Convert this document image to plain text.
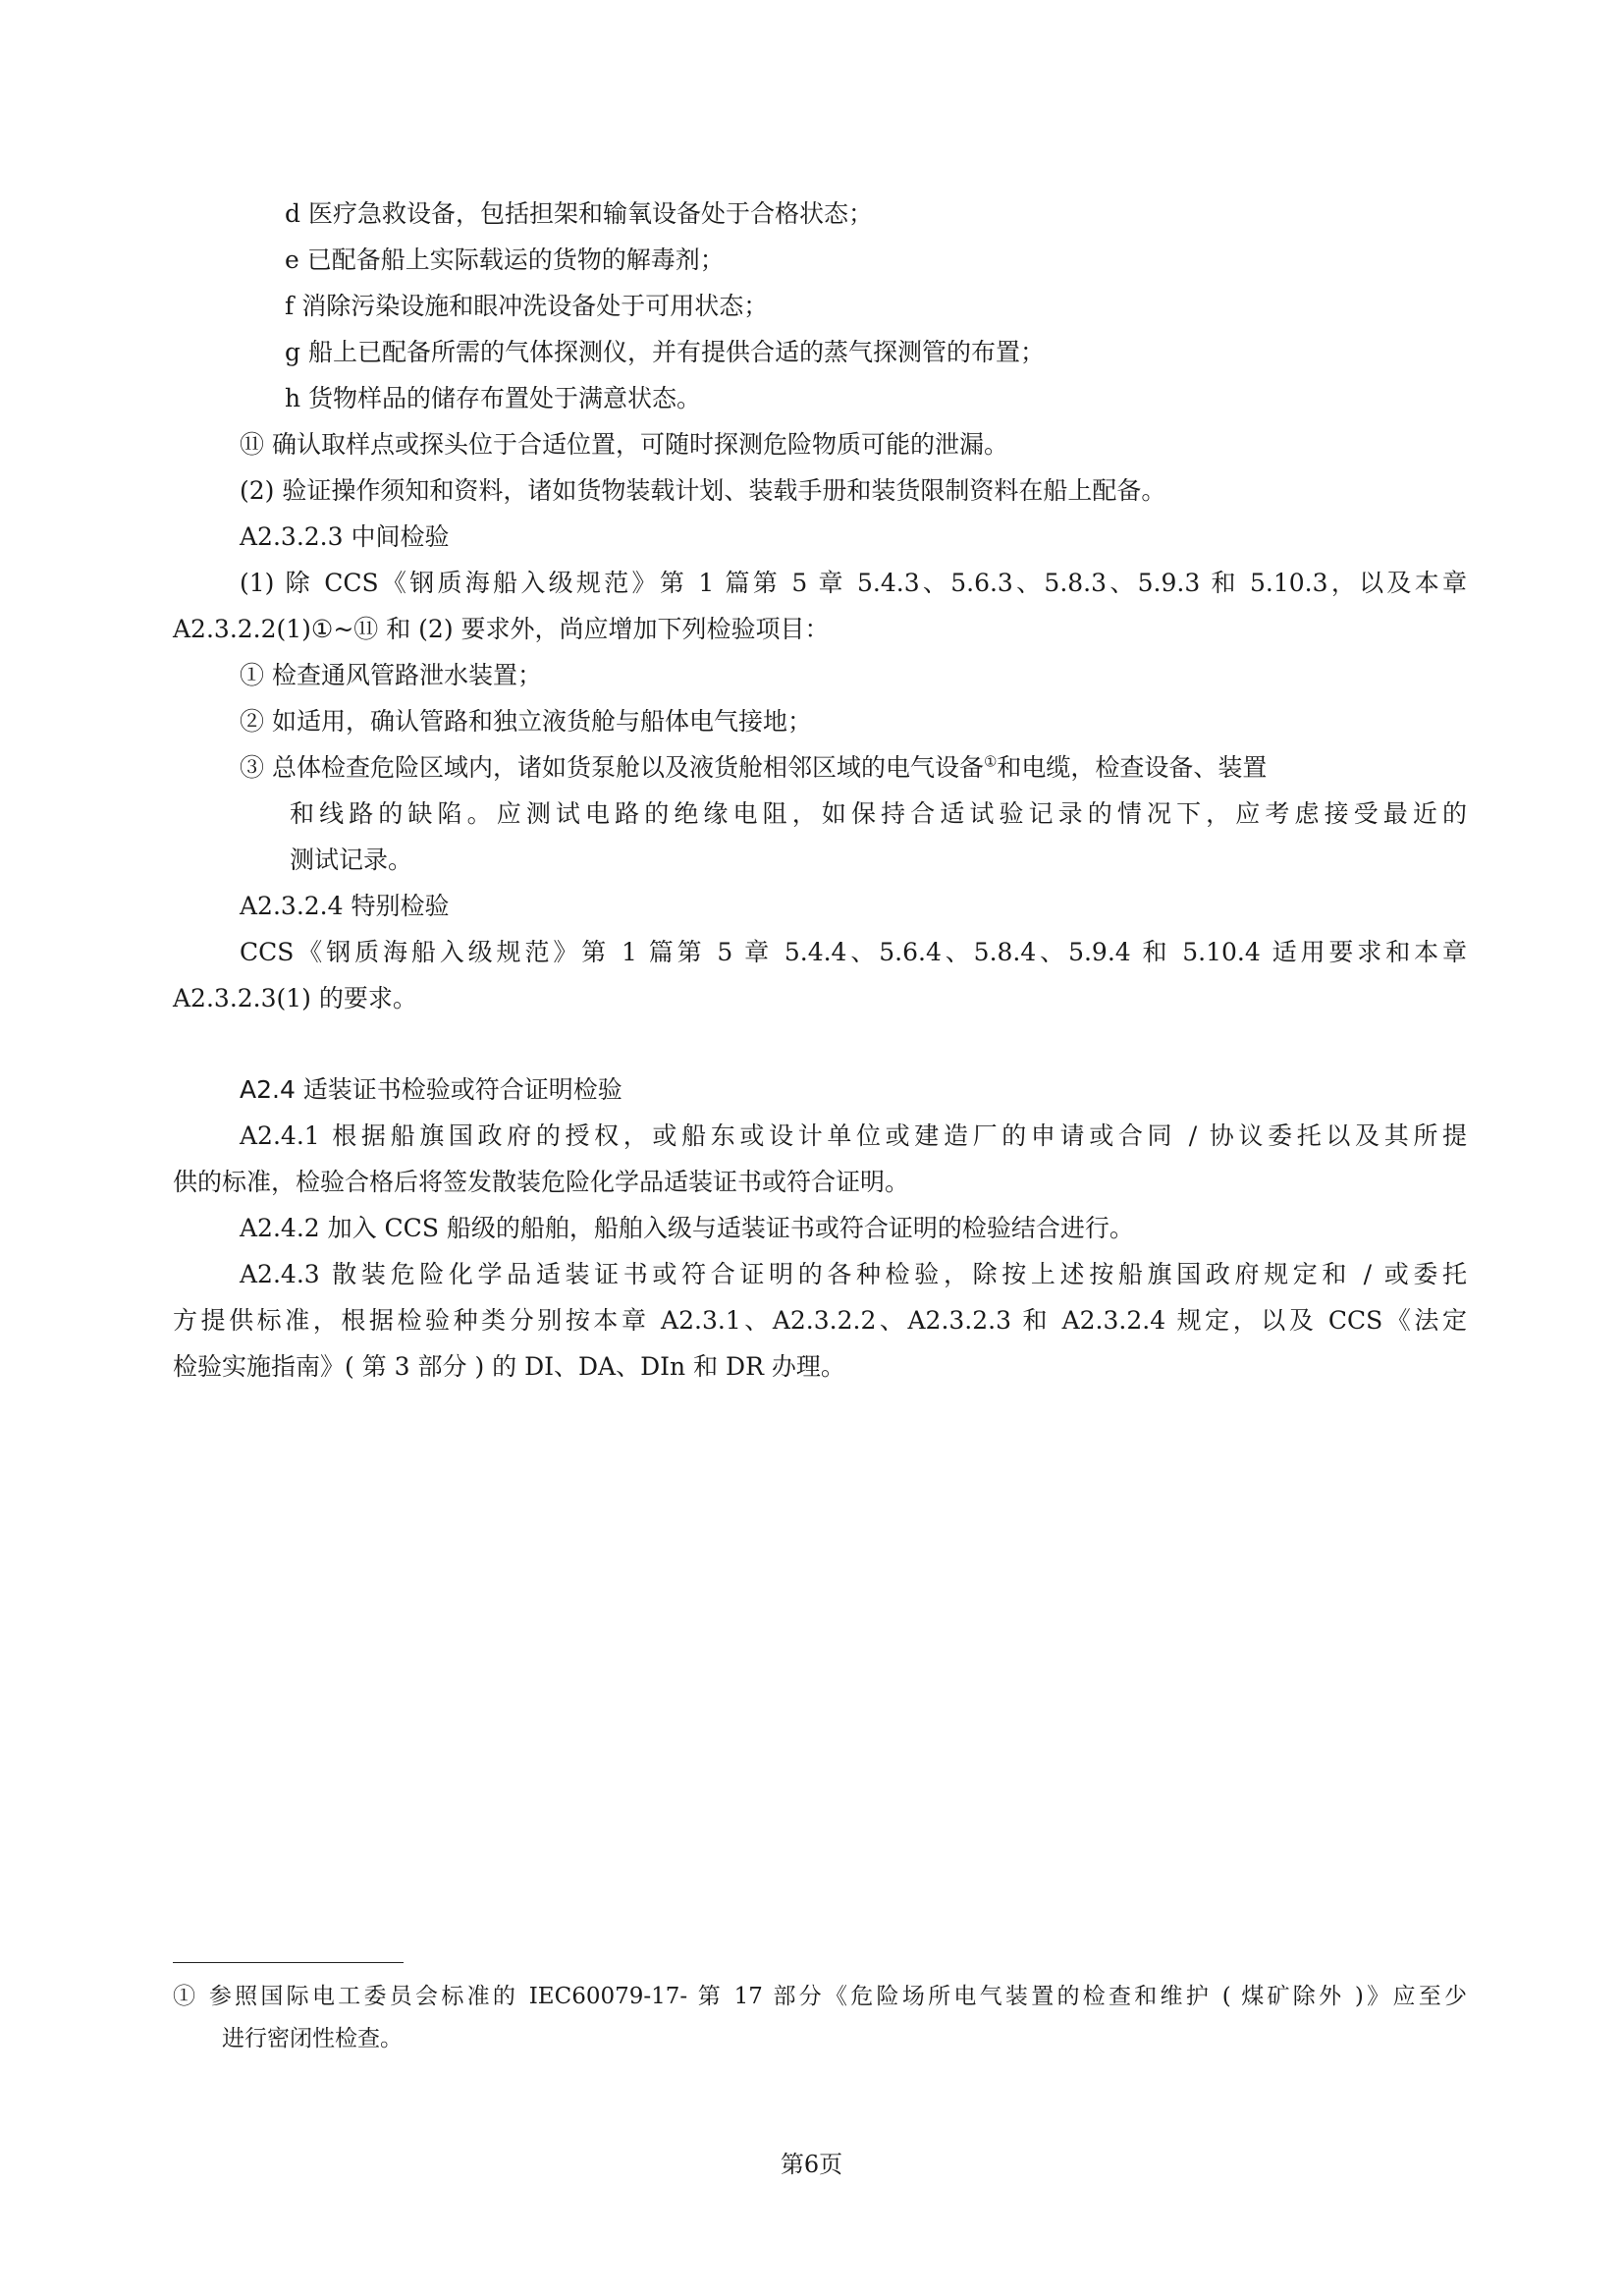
d 医疗急救设备，包括担架和输氧设备处于合格状态；
e 已配备船上实际载运的货物的解毒剂；
f 消除污染设施和眼冲洗设备处于可用状态；
g 船上已配备所需的气体探测仪，并有提供合适的蒸气探测管的布置；
h 货物样品的储存布置处于满意状态。
⑪ 确认取样点或探头位于合适位置，可随时探测危险物质可能的泄漏。
(2) 验证操作须知和资料，诸如货物装载计划、装载手册和装货限制资料在船上配备。
A2.3.2.3 中间检验
(1) 除 CCS《钢质海船入级规范》第 1 篇第 5 章 5.4.3、5.6.3、5.8.3、5.9.3 和 5.10.3，以及本章
A2.3.2.2(1)①~⑪ 和 (2) 要求外，尚应增加下列检验项目：
① 检查通风管路泄水装置；
② 如适用，确认管路和独立液货舱与船体电气接地；
③ 总体检查危险区域内，诸如货泵舱以及液货舱相邻区域的电气设备①和电缆，检查设备、装置
和线路的缺陷。应测试电路的绝缘电阻，如保持合适试验记录的情况下，应考虑接受最近的
测试记录。
A2.3.2.4 特别检验
CCS《钢质海船入级规范》第 1 篇第 5 章 5.4.4、5.6.4、5.8.4、5.9.4 和 5.10.4 适用要求和本章
A2.3.2.3(1) 的要求。
A2.4 适装证书检验或符合证明检验
A2.4.1 根据船旗国政府的授权，或船东或设计单位或建造厂的申请或合同 / 协议委托以及其所提
供的标准，检验合格后将签发散装危险化学品适装证书或符合证明。
A2.4.2 加入 CCS 船级的船舶，船舶入级与适装证书或符合证明的检验结合进行。
A2.4.3 散装危险化学品适装证书或符合证明的各种检验，除按上述按船旗国政府规定和 / 或委托
方提供标准，根据检验种类分别按本章 A2.3.1、A2.3.2.2、A2.3.2.3 和 A2.3.2.4 规定，以及 CCS《法定
检验实施指南》( 第 3 部分 ) 的 DI、DA、DIn 和 DR 办理。
① 参照国际电工委员会标准的 IEC60079-17- 第 17 部分《危险场所电气装置的检查和维护 ( 煤矿除外 )》应至少
进行密闭性检查。
第6页
